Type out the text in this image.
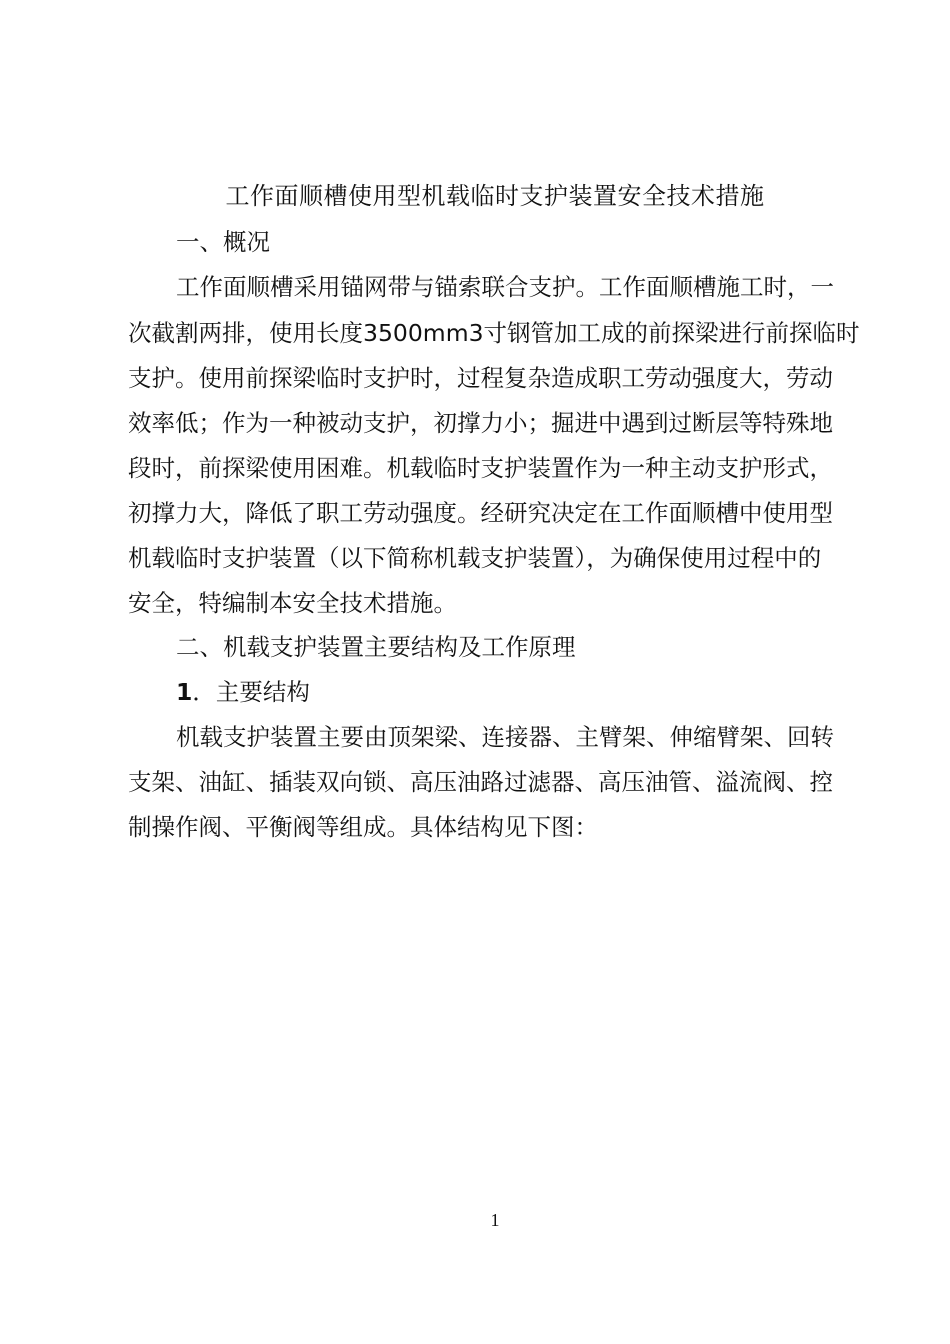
工作面顺槽使用型机载临时支护装置安全技术措施
一、概况
工作面顺槽采用锚网带与锚索联合支护。工作面顺槽施工时，一
次截割两排，使用长度3500mm3寸钢管加工成的前探梁进行前探临时
支护。使用前探梁临时支护时，过程复杂造成职工劳动强度大，劳动
效率低；作为一种被动支护，初撑力小；掘进中遇到过断层等特殊地
段时，前探梁使用困难。机载临时支护装置作为一种主动支护形式，
初撑力大，降低了职工劳动强度。经研究决定在工作面顺槽中使用型
机载临时支护装置（以下简称机载支护装置），为确保使用过程中的
安全，特编制本安全技术措施。
二、机载支护装置主要结构及工作原理
1．主要结构
机载支护装置主要由顶架梁、连接器、主臂架、伸缩臂架、回转
支架、油缸、插装双向锁、高压油路过滤器、高压油管、溢流阀、控
制操作阀、平衡阀等组成。具体结构见下图：
1
